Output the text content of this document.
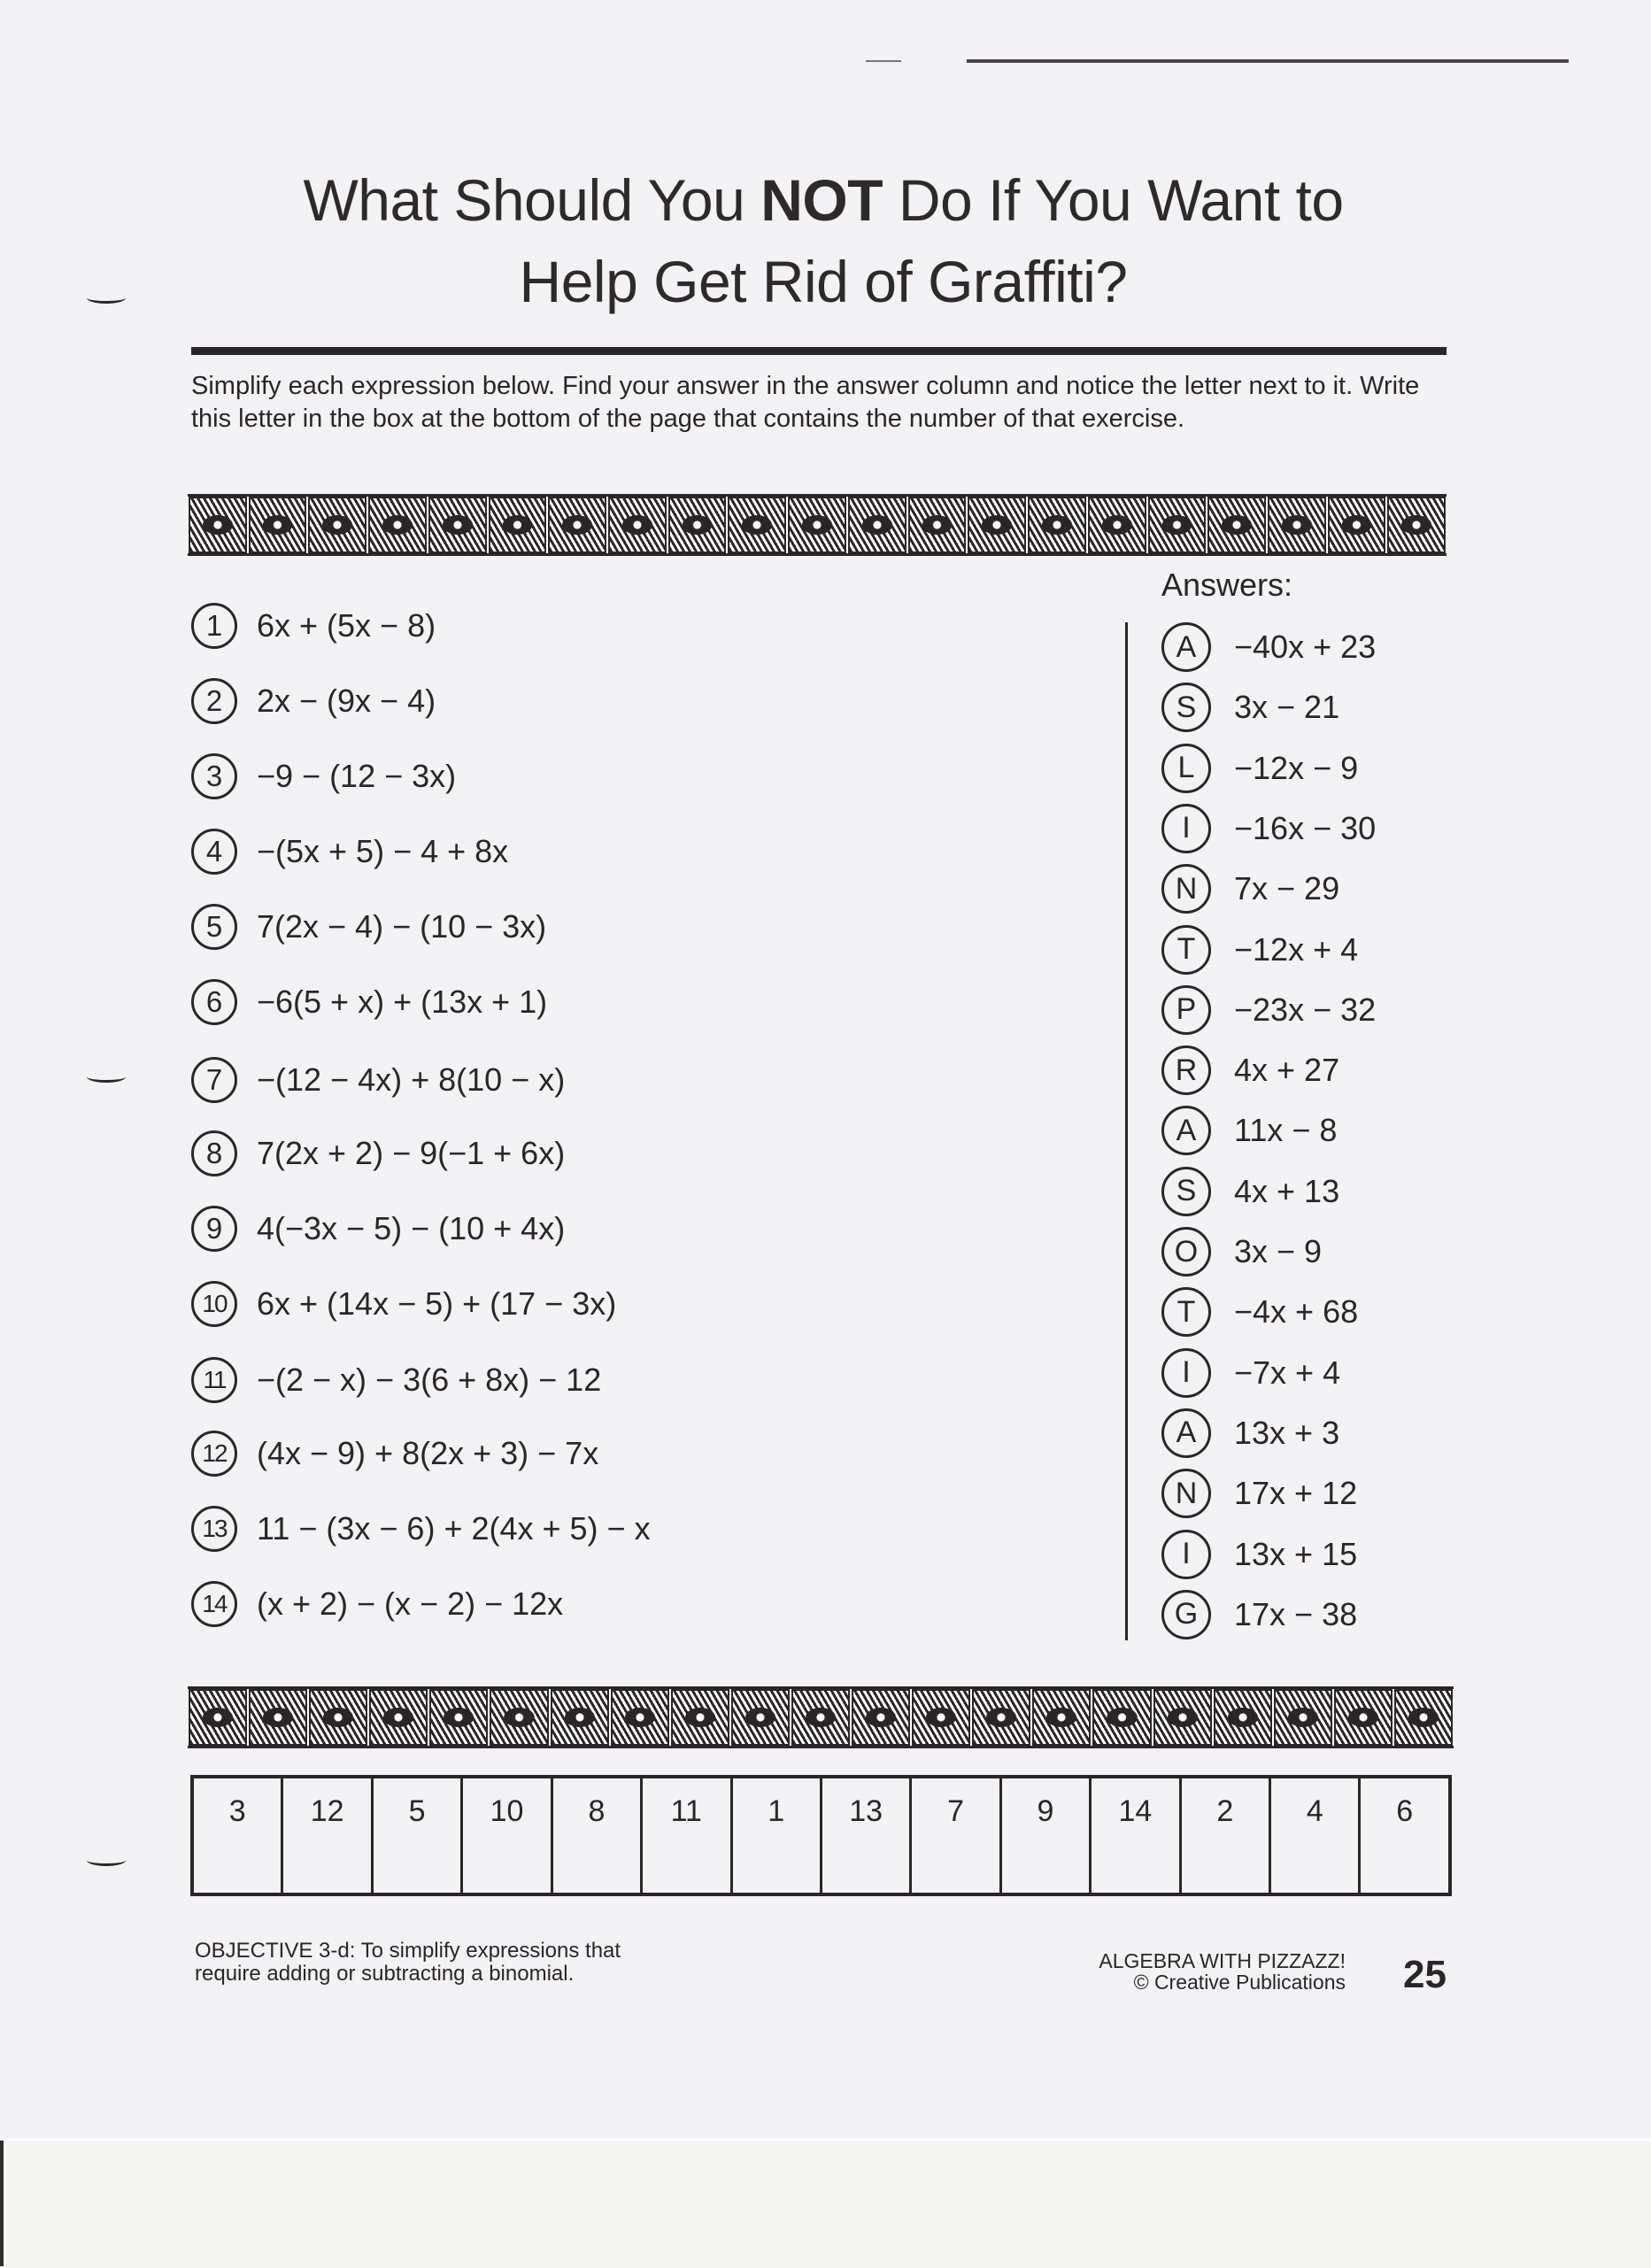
What Should You NOT Do If You Want to
Help Get Rid of Graffiti?
Simplify each expression below. Find your answer in the answer column and notice the letter next to it. Write this letter in the box at the bottom of the page that contains the number of that exercise.
1	6x + (5x − 8)
2	2x − (9x − 4)
3	−9 − (12 − 3x)
4	−(5x + 5) − 4 + 8x
5	7(2x − 4) − (10 − 3x)
6	−6(5 + x) + (13x + 1)
7	−(12 − 4x) + 8(10 − x)
8	7(2x + 2) − 9(−1 + 6x)
9	4(−3x − 5) − (10 + 4x)
10 6x + (14x − 5) + (17 − 3x)
11 −(2 − x) − 3(6 + 8x) − 12
12 (4x − 9) + 8(2x + 3) − 7x
13 11 − (3x − 6) + 2(4x + 5) − x
14 (x + 2) − (x − 2) − 12x
Answers:
A	−40x + 23
S	3x − 21
L	−12x − 9
I	−16x − 30
N	7x − 29
T	−12x + 4
P	−23x − 32
R	4x + 27
A	11x − 8
S	4x + 13
O	3x − 9
T	−4x + 68
I	−7x + 4
A	13x + 3
N	17x + 12
I	13x + 15
G	17x − 38
3	12	5	10	8	11	1	13	7	9	14	2	4	6
OBJECTIVE 3-d: To simplify expressions that
require adding or subtracting a binomial.
ALGEBRA WITH PIZZAZZ!
© Creative Publications 25
